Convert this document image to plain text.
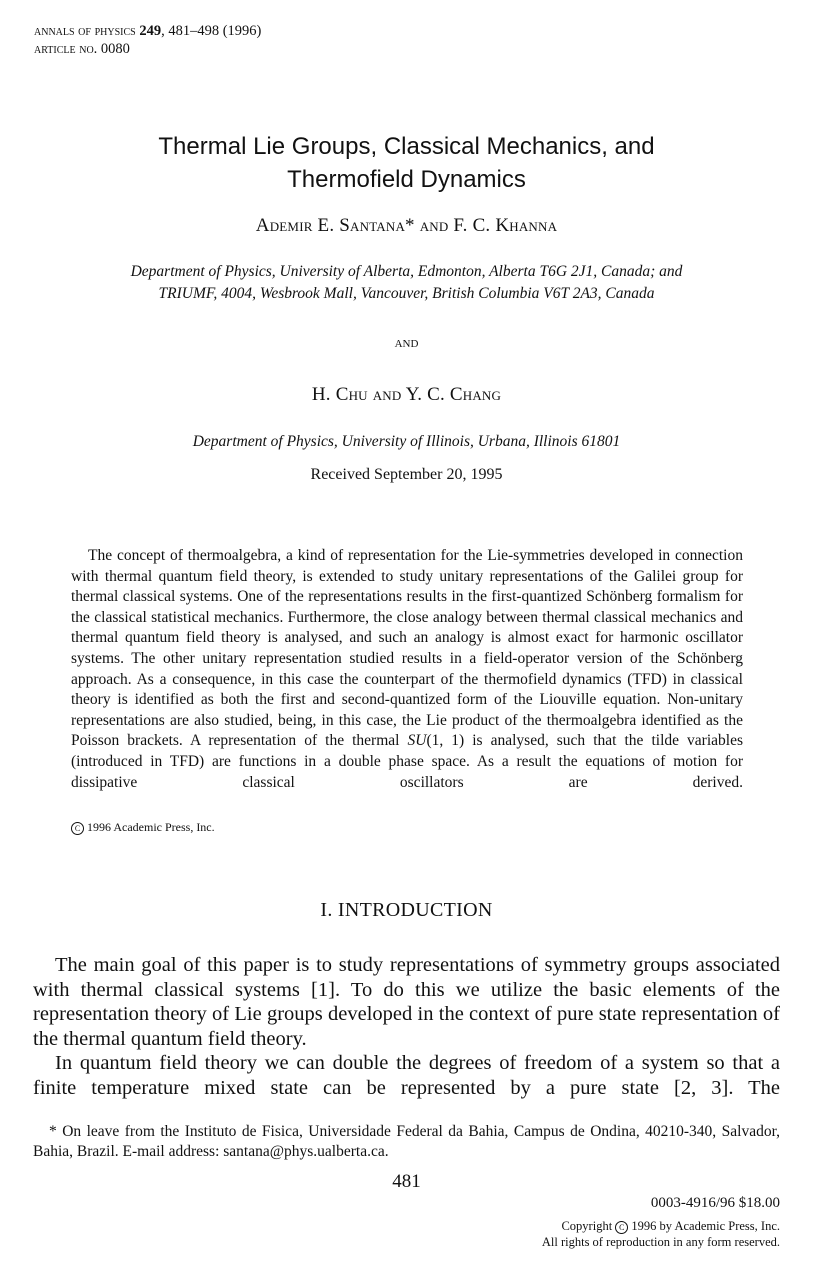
annals of physics 249, 481–498 (1996)
article no. 0080
Thermal Lie Groups, Classical Mechanics, and
Thermofield Dynamics
Ademir E. Santana* and F. C. Khanna
Department of Physics, University of Alberta, Edmonton, Alberta T6G 2J1, Canada; and
TRIUMF, 4004, Wesbrook Mall, Vancouver, British Columbia V6T 2A3, Canada
and
H. Chu and Y. C. Chang
Department of Physics, University of Illinois, Urbana, Illinois 61801
Received September 20, 1995

The concept of thermoalgebra, a kind of representation for the Lie-symmetries developed in connection with thermal quantum field theory, is extended to study unitary representations of the Galilei group for thermal classical systems. One of the representations results in the first-quantized Schönberg formalism for the classical statistical mechanics. Furthermore, the close analogy between thermal classical mechanics and thermal quantum field theory is analysed, and such an analogy is almost exact for harmonic oscillator systems. The other unitary representation studied results in a field-operator version of the Schönberg approach. As a consequence, in this case the counterpart of the thermofield dynamics (TFD) in classical theory is identified as both the first and second-quantized form of the Liouville equation. Non-unitary representations are also studied, being, in this case, the Lie product of the thermoalgebra identified as the Poisson brackets. A representation of the thermal SU(1, 1) is analysed, such that the tilde variables (introduced in TFD) are functions in a double phase space. As a result the equations of motion for dissipative classical oscillators are derived.

C 1996 Academic Press, Inc.
I. INTRODUCTION

The main goal of this paper is to study representations of symmetry groups associated with thermal classical systems [1]. To do this we utilize the basic elements of the representation theory of Lie groups developed in the context of pure state representation of the thermal quantum field theory.

In quantum field theory we can double the degrees of freedom of a system so that a finite temperature mixed state can be represented by a pure state [2, 3]. The

* On leave from the Instituto de Fisica, Universidade Federal da Bahia, Campus de Ondina, 40210-340, Salvador, Bahia, Brazil. E-mail address: santana@phys.ualberta.ca.

481
0003-4916/96 $18.00
Copyright C 1996 by Academic Press, Inc.
All rights of reproduction in any form reserved.
